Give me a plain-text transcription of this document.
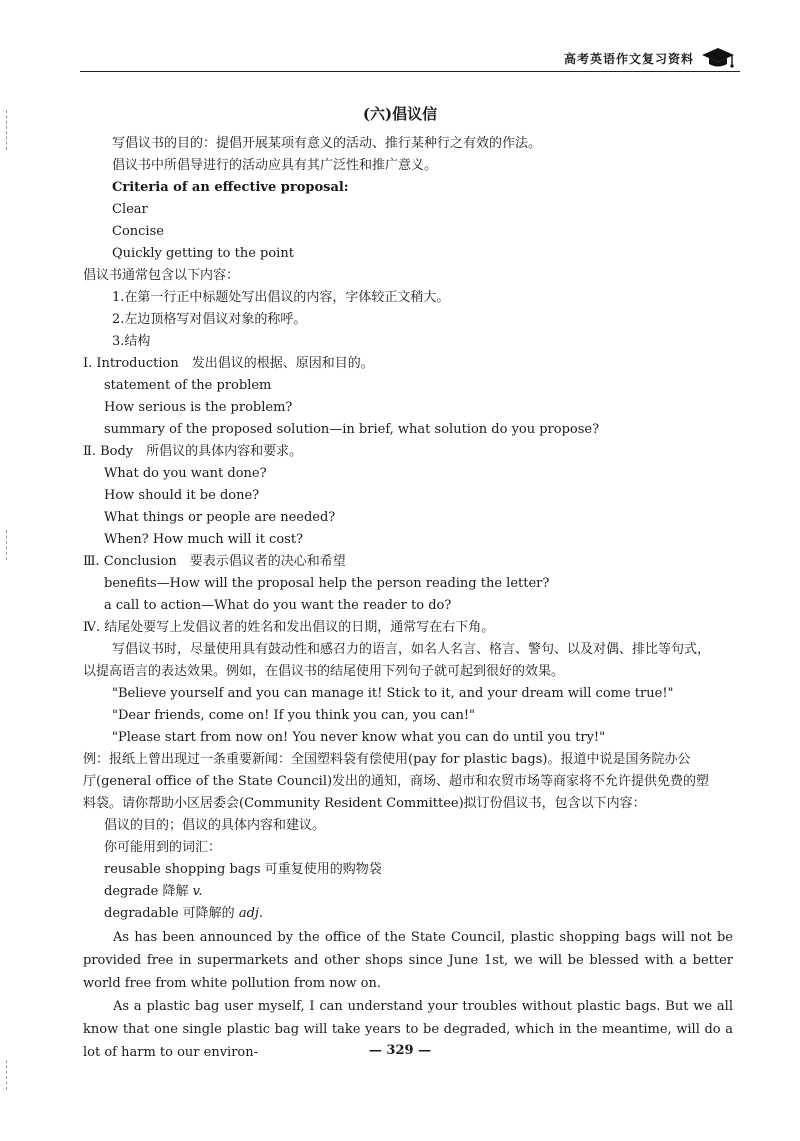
高考英语作文复习资料
(六)倡议信
写倡议书的目的：提倡开展某项有意义的活动、推行某种行之有效的作法。
倡议书中所倡导进行的活动应具有其广泛性和推广意义。
Criteria of an effective proposal:
Clear
Concise
Quickly getting to the point
倡议书通常包含以下内容：
1.在第一行正中标题处写出倡议的内容，字体较正文稍大。
2.左边顶格写对倡议对象的称呼。
3.结构
Ⅰ. Introduction　发出倡议的根据、原因和目的。
statement of the problem
How serious is the problem?
summary of the proposed solution—in brief, what solution do you propose?
Ⅱ. Body　所倡议的具体内容和要求。
What do you want done?
How should it be done?
What things or people are needed?
When? How much will it cost?
Ⅲ. Conclusion　要表示倡议者的决心和希望
benefits—How will the proposal help the person reading the letter?
a call to action—What do you want the reader to do?
Ⅳ. 结尾处要写上发倡议者的姓名和发出倡议的日期，通常写在右下角。
写倡议书时，尽量使用具有鼓动性和感召力的语言，如名人名言、格言、警句、以及对偶、排比等句式，
以提高语言的表达效果。例如，在倡议书的结尾使用下列句子就可起到很好的效果。
"Believe yourself and you can manage it! Stick to it, and your dream will come true!"
"Dear friends, come on! If you think you can, you can!"
"Please start from now on! You never know what you can do until you try!"
例：报纸上曾出现过一条重要新闻：全国塑料袋有偿使用(pay for plastic bags)。报道中说是国务院办公
厅(general office of the State Council)发出的通知，商场、超市和农贸市场等商家将不允许提供免费的塑
料袋。请你帮助小区居委会(Community Resident Committee)拟订份倡议书，包含以下内容：
倡议的目的；倡议的具体内容和建议。
你可能用到的词汇：
reusable shopping bags 可重复使用的购物袋
degrade 降解 v.
degradable 可降解的 adj.
As has been announced by the office of the State Council, plastic shopping bags will not be provided free in supermarkets and other shops since June 1st, we will be blessed with a better world free from white pollution from now on.
As a plastic bag user myself, I can understand your troubles without plastic bags. But we all know that one single plastic bag will take years to be degraded, which in the meantime, will do a lot of harm to our environ-	— 329 —
